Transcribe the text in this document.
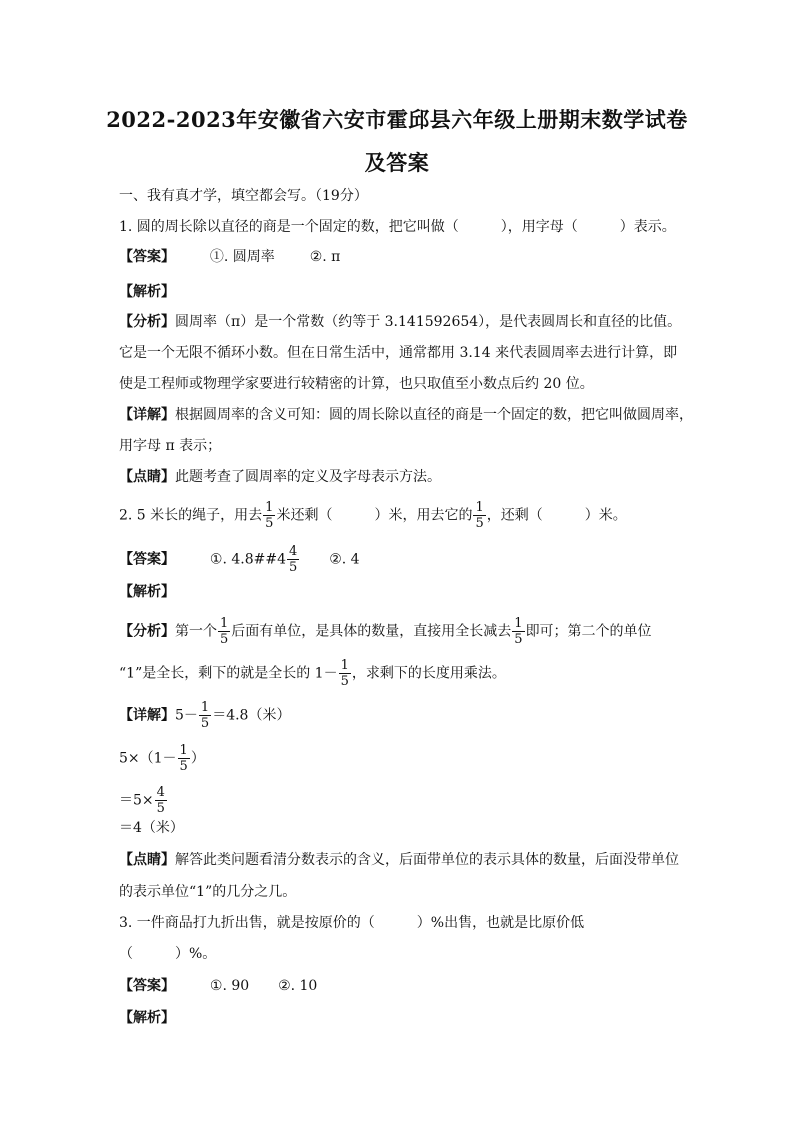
2022-2023年安徽省六安市霍邱县六年级上册期末数学试卷
及答案
一、我有真才学，填空都会写。（19分）
1. 圆的周长除以直径的商是一个固定的数，把它叫做（　　　），用字母（　　　）表示。
【答案】 ①. 圆周率 ②. π
【解析】
【分析】圆周率（π）是一个常数（约等于 3.141592654），是代表圆周长和直径的比值。
它是一个无限不循环小数。但在日常生活中，通常都用 3.14 来代表圆周率去进行计算，即
使是工程师或物理学家要进行较精密的计算，也只取值至小数点后约 20 位。
【详解】根据圆周率的含义可知：圆的周长除以直径的商是一个固定的数，把它叫做圆周率，
用字母 π 表示；
【点睛】此题考查了圆周率的定义及字母表示方法。
2. 5 米长的绳子，用去 $\frac{1}{5}$ 米还剩（　　　）米，用去它的 $\frac{1}{5}$ ，还剩（　　　）米。
【答案】 ①. 4.8##4 $\frac{4}{5}$ ②. 4
【解析】
【分析】第一个 $\frac{1}{5}$ 后面有单位，是具体的数量，直接用全长减去 $\frac{1}{5}$ 即可；第二个的单位
“1”是全长，剩下的就是全长的 $1- \frac{1}{5}$ ，求剩下的长度用乘法。
【详解】$5- \frac{1}{5} =4.8$（米）
$5\times(1- \frac{1}{5}$ ）
$=5\times \frac{4}{5}$
＝4（米）
【点睛】解答此类问题看清分数表示的含义，后面带单位的表示具体的数量，后面没带单位
的表示单位“1”的几分之几。
3. 一件商品打九折出售，就是按原价的（　　　）%出售，也就是比原价低
（　　　）%。
【答案】 ①. 90 ②. 10
【解析】
